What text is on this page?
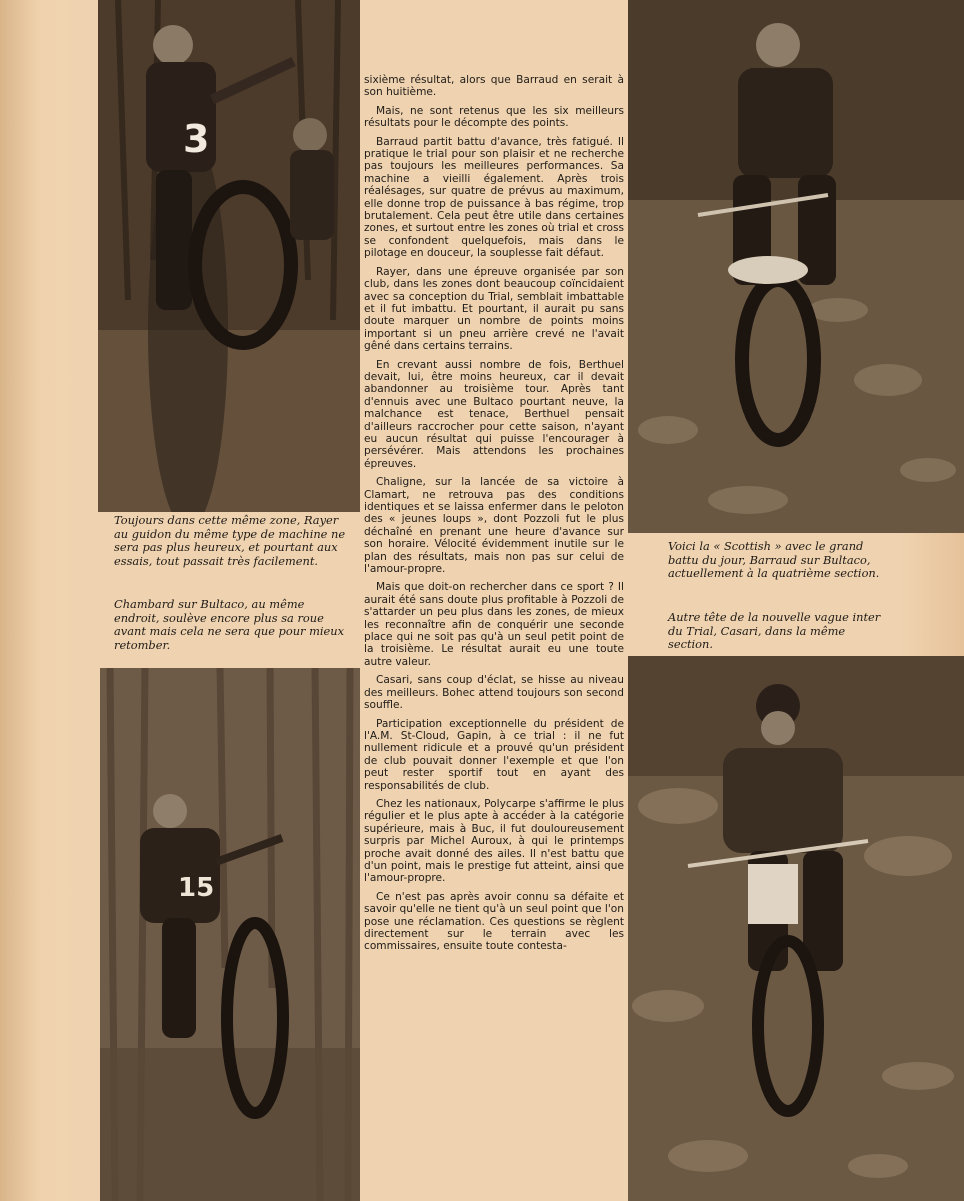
3
15

Toujours dans cette même zone, Rayer au guidon du même type de machine ne sera pas plus heureux, et pourtant aux essais, tout passait très facilement.

Chambard sur Bultaco, au même endroit, soulève encore plus sa roue avant mais cela ne sera que pour mieux retomber.

Voici la « Scottish » avec le grand battu du jour, Barraud sur Bultaco, actuellement à la quatrième section.

Autre tête de la nouvelle vague inter du Trial, Casari, dans la même section.

sixième résultat, alors que Barraud en serait à son huitième.

Mais, ne sont retenus que les six meilleurs résultats pour le décompte des points.

Barraud partit battu d'avance, très fatigué. Il pratique le trial pour son plaisir et ne recherche pas toujours les meilleures performances. Sa machine a vieilli également. Après trois réalésages, sur quatre de prévus au maximum, elle donne trop de puissance à bas régime, trop brutalement. Cela peut être utile dans certaines zones, et surtout entre les zones où trial et cross se confondent quelquefois, mais dans le pilotage en douceur, la souplesse fait défaut.

Rayer, dans une épreuve organisée par son club, dans les zones dont beaucoup coïncidaient avec sa conception du Trial, semblait imbattable et il fut imbattu. Et pourtant, il aurait pu sans doute marquer un nombre de points moins important si un pneu arrière crevé ne l'avait gêné dans certains terrains.

En crevant aussi nombre de fois, Berthuel devait, lui, être moins heureux, car il devait abandonner au troisième tour. Après tant d'ennuis avec une Bultaco pourtant neuve, la malchance est tenace, Berthuel pensait d'ailleurs raccrocher pour cette saison, n'ayant eu aucun résultat qui puisse l'encourager à persévérer. Mais attendons les prochaines épreuves.

Chaligne, sur la lancée de sa victoire à Clamart, ne retrouva pas des conditions identiques et se laissa enfermer dans le peloton des « jeunes loups », dont Pozzoli fut le plus déchaîné en prenant une heure d'avance sur son horaire. Vélocité évidemment inutile sur le plan des résultats, mais non pas sur celui de l'amour-propre.

Mais que doit-on rechercher dans ce sport ? Il aurait été sans doute plus profitable à Pozzoli de s'attarder un peu plus dans les zones, de mieux les reconnaître afin de conquérir une seconde place qui ne soit pas qu'à un seul petit point de la troisième. Le résultat aurait eu une toute autre valeur.

Casari, sans coup d'éclat, se hisse au niveau des meilleurs. Bohec attend toujours son second souffle.

Participation exceptionnelle du président de l'A.M. St-Cloud, Gapin, à ce trial : il ne fut nullement ridicule et a prouvé qu'un président de club pouvait donner l'exemple et que l'on peut rester sportif tout en ayant des responsabilités de club.

Chez les nationaux, Polycarpe s'affirme le plus régulier et le plus apte à accéder à la catégorie supérieure, mais à Buc, il fut douloureusement surpris par Michel Auroux, à qui le printemps proche avait donné des ailes. Il n'est battu que d'un point, mais le prestige fut atteint, ainsi que l'amour-propre.

Ce n'est pas après avoir connu sa défaite et savoir qu'elle ne tient qu'à un seul point que l'on pose une réclamation. Ces questions se règlent directement sur le terrain avec les commissaires, ensuite toute contesta-
